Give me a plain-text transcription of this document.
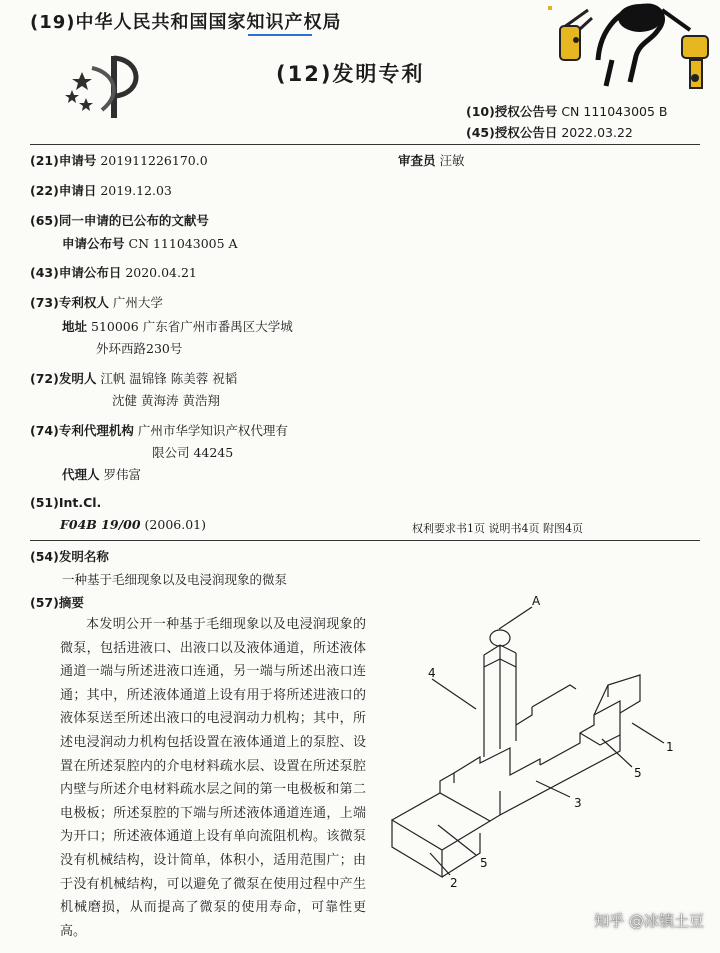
(19)中华人民共和国国家知识产权局
(12)发明专利
(10)授权公告号 CN 111043005 B
(45)授权公告日 2022.03.22
(21)申请号 201911226170.0	审查员 汪敏
(22)申请日 2019.12.03
(65)同一申请的已公布的文献号
申请公布号 CN 111043005 A
(43)申请公布日 2020.04.21
(73)专利权人 广州大学
地址 510006 广东省广州市番禺区大学城
外环西路230号
(72)发明人 江帆 温锦锋 陈美蓉 祝韬
沈健 黄海涛 黄浩翔
(74)专利代理机构 广州市华学知识产权代理有
限公司 44245
代理人 罗伟富
(51)Int.Cl.
F04B 19/00 (2006.01)	权利要求书1页 说明书4页 附图4页
(54)发明名称
一种基于毛细现象以及电浸润现象的微泵
(57)摘要

本发明公开一种基于毛细现象以及电浸润现象的微泵，包括进液口、出液口以及液体通道，所述液体通道一端与所述进液口连通，另一端与所述出液口连通；其中，所述液体通道上设有用于将所述进液口的液体泵送至所述出液口的电浸润动力机构；其中，所述电浸润动力机构包括设置在液体通道上的泵腔、设置在所述泵腔内的介电材料疏水层、设置在所述泵腔内壁与所述介电材料疏水层之间的第一电极板和第二电极板；所述泵腔的下端与所述液体通道连通，上端为开口；所述液体通道上设有单向流阻机构。该微泵没有机械结构，设计简单，体积小，适用范围广；由于没有机械结构，可以避免了微泵在使用过程中产生机械磨损，从而提高了微泵的使用寿命，可靠性更高。

A
4
1
5
3
5
2
知乎 @冰镇土豆
